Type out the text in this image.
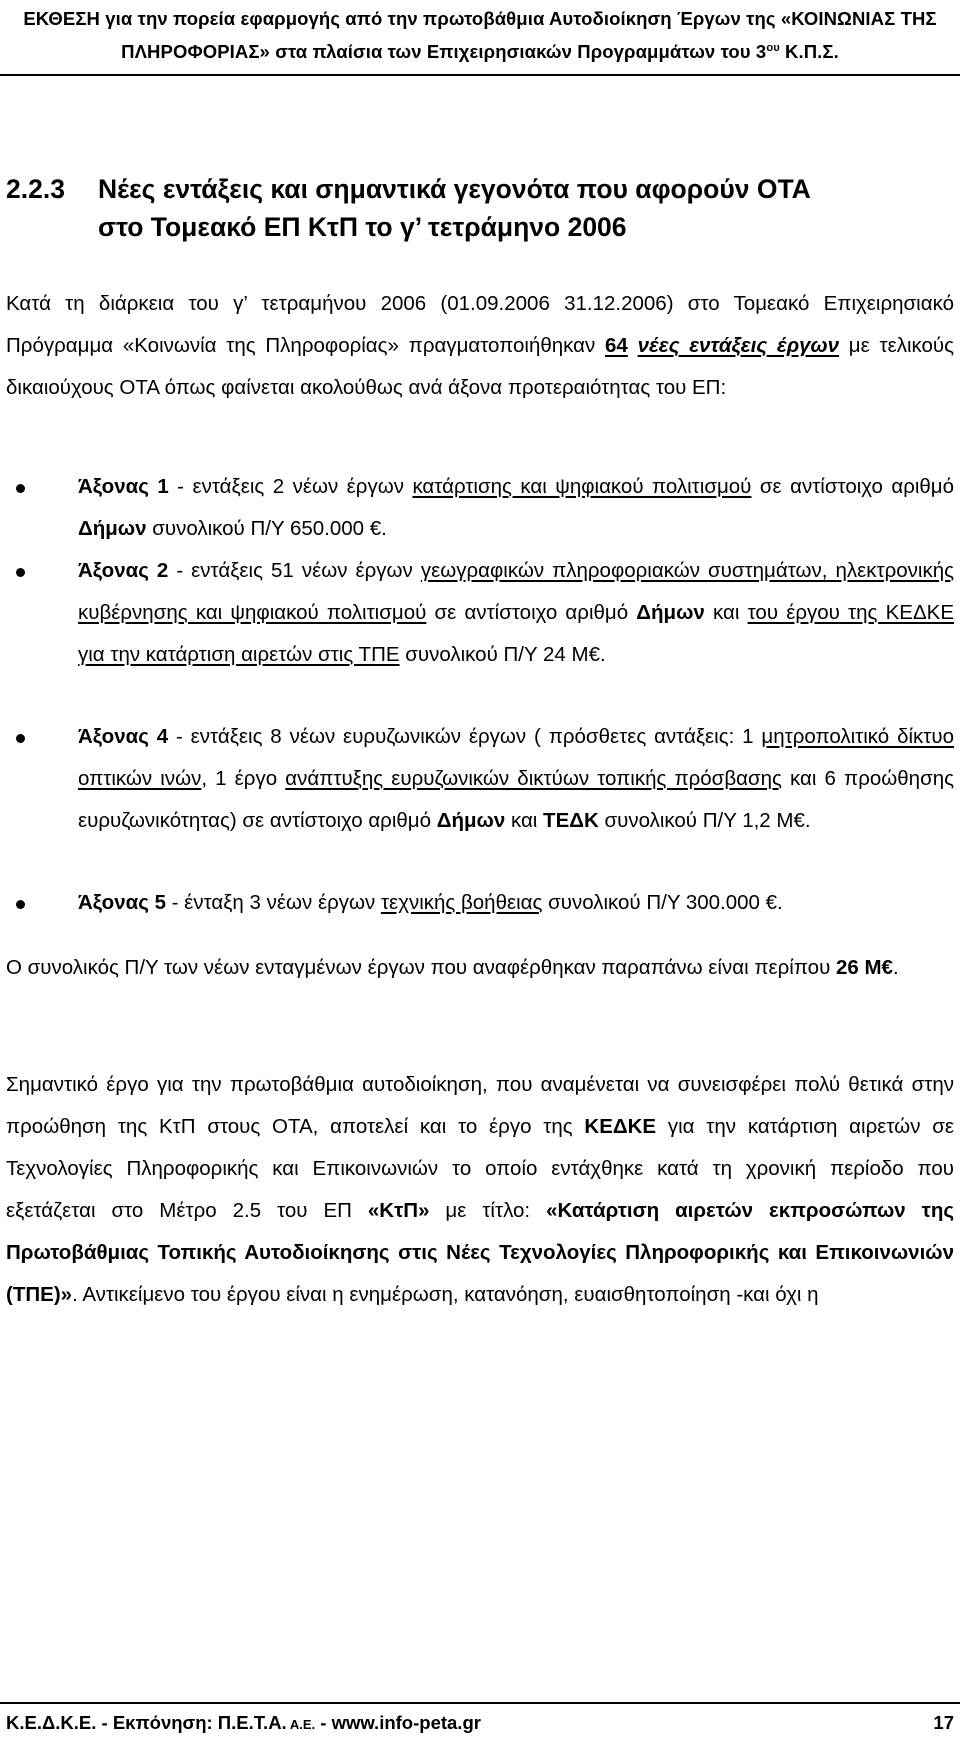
ΕΚΘΕΣΗ για την πορεία εφαρμογής από την πρωτοβάθμια Αυτοδιοίκηση Έργων της «ΚΟΙΝΩΝΙΑΣ ΤΗΣ
ΠΛΗΡΟΦΟΡΙΑΣ» στα πλαίσια των Επιχειρησιακών Προγραμμάτων του $3^{o\upsilon}$ Κ.Π.Σ.
2.2.3 Νέες εντάξεις και σημαντικά γεγονότα που αφορούν ΟΤΑ
στο Τομεακό ΕΠ ΚτΠ το γ’ τετράμηνο 2006
Κατά τη διάρκεια του γ’ τετραμήνου 2006 (01.09.2006 31.12.2006) στο Τομεακό Επιχειρησιακό Πρόγραμμα «Κοινωνία της Πληροφορίας» πραγματοποιήθηκαν 64 νέες εντάξεις έργων με τελικούς δικαιούχους ΟΤΑ όπως φαίνεται ακολούθως ανά άξονα προτεραιότητας του ΕΠ:
Άξονας 1 - εντάξεις 2 νέων έργων κατάρτισης και ψηφιακού πολιτισμού σε αντίστοιχο αριθμό Δήμων συνολικού Π/Υ 650.000 €.
Άξονας 2 - εντάξεις 51 νέων έργων γεωγραφικών πληροφοριακών συστημάτων, ηλεκτρονικής κυβέρνησης και ψηφιακού πολιτισμού σε αντίστοιχο αριθμό Δήμων και του έργου της ΚΕΔΚΕ για την κατάρτιση αιρετών στις ΤΠΕ συνολικού Π/Υ 24 Μ€.
Άξονας 4 - εντάξεις 8 νέων ευρυζωνικών έργων ( πρόσθετες αντάξεις: 1 μητροπολιτικό δίκτυο οπτικών ινών, 1 έργο ανάπτυξης ευρυζωνικών δικτύων τοπικής πρόσβασης και 6 προώθησης ευρυζωνικότητας) σε αντίστοιχο αριθμό Δήμων και ΤΕΔΚ συνολικού Π/Υ 1,2 Μ€.
Άξονας 5 - ένταξη 3 νέων έργων τεχνικής βοήθειας συνολικού Π/Υ 300.000 €.
Ο συνολικός Π/Υ των νέων ενταγμένων έργων που αναφέρθηκαν παραπάνω είναι περίπου 26 Μ€.
Σημαντικό έργο για την πρωτοβάθμια αυτοδιοίκηση, που αναμένεται να συνεισφέρει πολύ θετικά στην προώθηση της ΚτΠ στους ΟΤΑ, αποτελεί και το έργο της ΚΕΔΚΕ για την κατάρτιση αιρετών σε Τεχνολογίες Πληροφορικής και Επικοινωνιών το οποίο εντάχθηκε κατά τη χρονική περίοδο που εξετάζεται στο Μέτρο 2.5 του ΕΠ «ΚτΠ» με τίτλο: «Κατάρτιση αιρετών εκπροσώπων της Πρωτοβάθμιας Τοπικής Αυτοδιοίκησης στις Νέες Τεχνολογίες Πληροφορικής και Επικοινωνιών (ΤΠΕ)». Αντικείμενο του έργου είναι η ενημέρωση, κατανόηση, ευαισθητοποίηση -και όχι η
Κ.Ε.Δ.Κ.Ε. - Εκπόνηση: Π.Ε.Τ.Α. Α.Ε. - www.info-peta.gr	17
